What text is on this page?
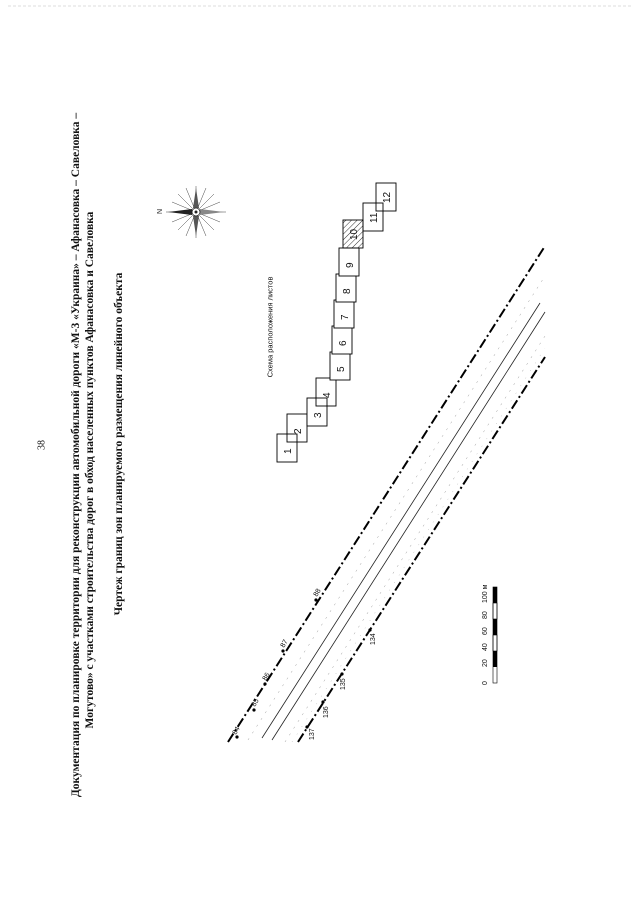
38 Документация по планировке территории для реконструкции автомобильной дороги «М-3 «Украина» – Афанасовка – Савеловка – Могутово» с участками строительства дорог в обход населенных пунктов Афанасовка и Савеловка Чертеж границ зон планируемого размещения линейного объекта	Схема расположения листов
84
85
86
87
88
137
136
135
134
1
2
3
4
5
6
7
8
9
10
11
12
N
0
20
40
60
80
100 м
